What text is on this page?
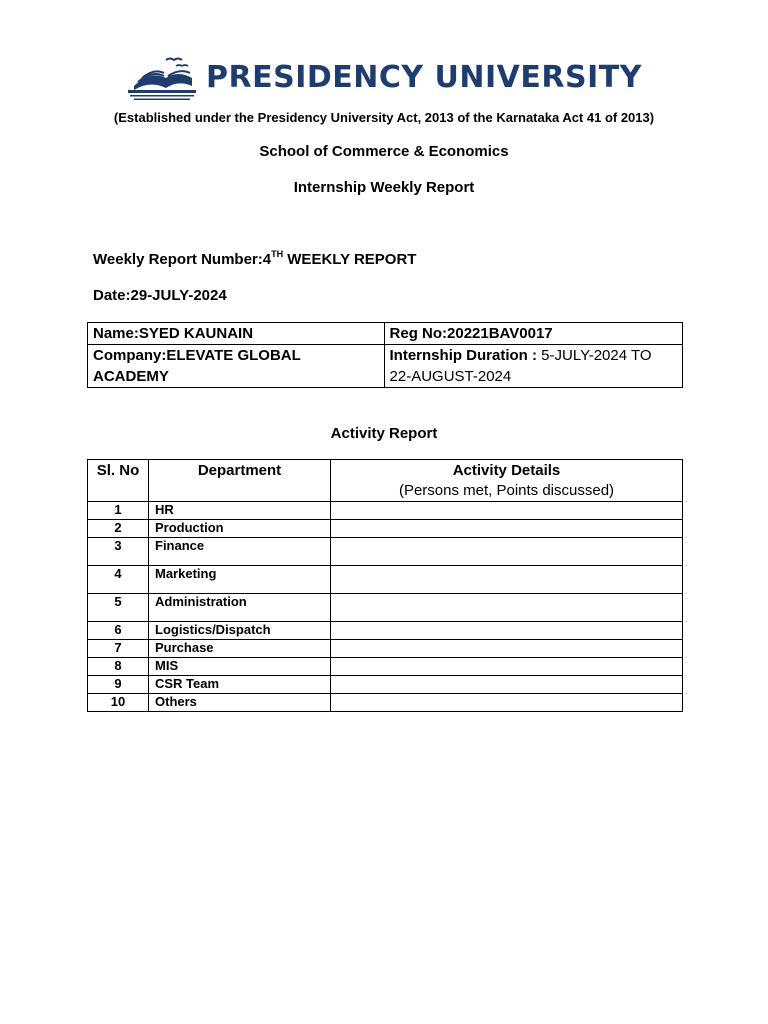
PRESIDENCY UNIVERSITY
(Established under the Presidency University Act, 2013 of the Karnataka Act 41 of 2013)
School of Commerce & Economics
Internship Weekly Report
Weekly Report Number:4TH WEEKLY REPORT
Date:29-JULY-2024
Name:SYED KAUNAIN	Reg No:20221BAV0017
Company:ELEVATE GLOBAL ACADEMY	Internship Duration : 5-JULY-2024 TO 22-AUGUST-2024
Activity Report
Sl. No	Department	Activity Details
(Persons met, Points discussed)

1	HR	
2	Production	
3	Finance	
4	Marketing	
5	Administration	
6	Logistics/Dispatch	
7	Purchase	
8	MIS	
9	CSR Team	
10	Others	
